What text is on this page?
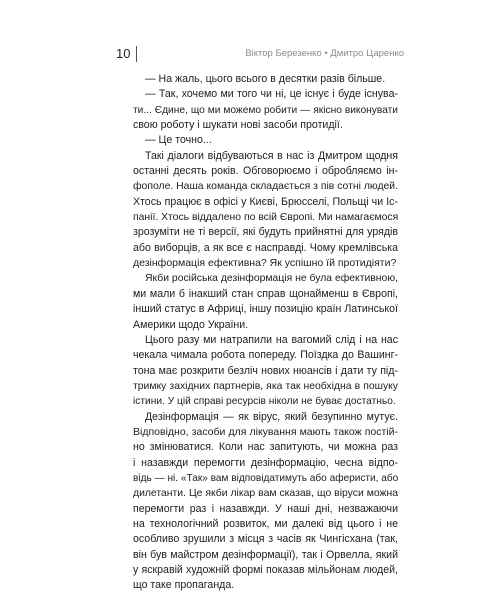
10	Віктор Березенко • Дмитро Царенко
— На жаль, цього всього в десятки разів більше.
— Так, хочемо ми того чи ні, це існує і буде існува-
ти... Єдине, що ми можемо робити — якісно виконувати
свою роботу і шукати нові засоби протидії.
— Це точно...
Такі діалоги відбуваються в нас із Дмитром щодня
останні десять років. Обговорюємо і обробляємо ін-
фополе. Наша команда складається з пів сотні людей.
Хтось працює в офісі у Києві, Брюсселі, Польщі чи Іс-
панії. Хтось віддалено по всій Європі. Ми намагаємося
зрозуміти не ті версії, які будуть прийнятні для урядів
або виборців, а як все є насправді. Чому кремлівська
дезінформація ефективна? Як успішно їй протидіяти?
Якби російська дезінформація не була ефективною,
ми мали б інакший стан справ щонайменш в Європі,
інший статус в Африці, іншу позицію країн Латинської
Америки щодо України.
Цього разу ми натрапили на вагомий слід і на нас
чекала чимала робота попереду. Поїздка до Вашинг-
тона має розкрити безліч нових нюансів і дати ту під-
тримку західних партнерів, яка так необхідна в пошуку
істини. У цій справі ресурсів ніколи не буває достатньо.
Дезінформація — як вірус, який безупинно мутує.
Відповідно, засоби для лікування мають також постій-
но змінюватися. Коли нас запитують, чи можна раз
і назавжди перемогти дезінформацію, чесна відпо-
відь — ні. «Так» вам відповідатимуть або аферисти, або
дилетанти. Це якби лікар вам сказав, що віруси можна
перемогти раз і назавжди. У наші дні, незважаючи
на технологічний розвиток, ми далекі від цього і не
особливо зрушили з місця з часів як Чингісхана (так,
він був майстром дезінформації), так і Орвелла, який
у яскравій художній формі показав мільйонам людей,
що таке пропаганда.
